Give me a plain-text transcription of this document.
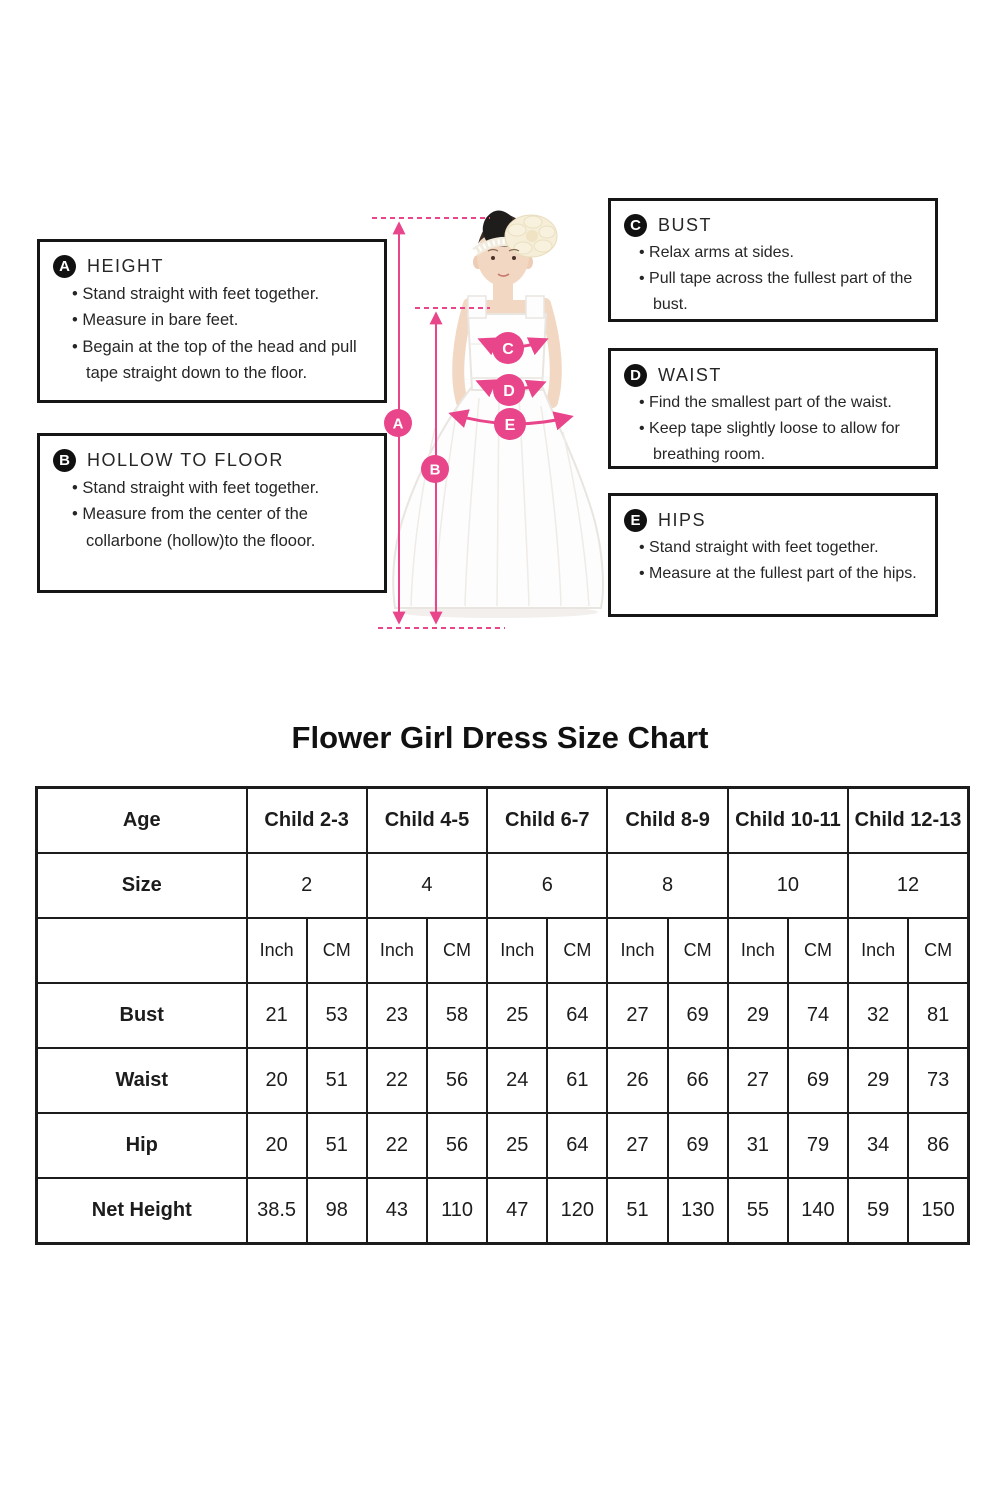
A HEIGHT
• Stand straight with feet together.
• Measure in bare feet.
• Begain at the top of the head and pull tape straight down to the floor.
B HOLLOW TO FLOOR
• Stand straight with feet together.
• Measure from the center of the collarbone (hollow)to the flooor.
C BUST
• Relax arms at sides.
• Pull tape across the fullest part of the bust.
D WAIST
• Find the smallest part of the waist.
• Keep tape slightly loose to allow for breathing room.
E HIPS
• Stand straight with feet together.
• Measure at the fullest part of the hips.
A
B
C
D
E
Flower Girl Dress Size Chart
Age	Child 2-3		Child 4-5		Child 6-7		Child 8-9		Child 10-11		Child 12-13	
Size	2		4		6		8		10		12	
	Inch	CM	Inch	CM	Inch	CM	Inch	CM	Inch	CM	Inch	CM
Bust	21	53	23	58	25	64	27	69	29	74	32	81
Waist	20	51	22	56	24	61	26	66	27	69	29	73
Hip	20	51	22	56	25	64	27	69	31	79	34	86
Net Height	38.5	98	43	110	47	120	51	130	55	140	59	150
